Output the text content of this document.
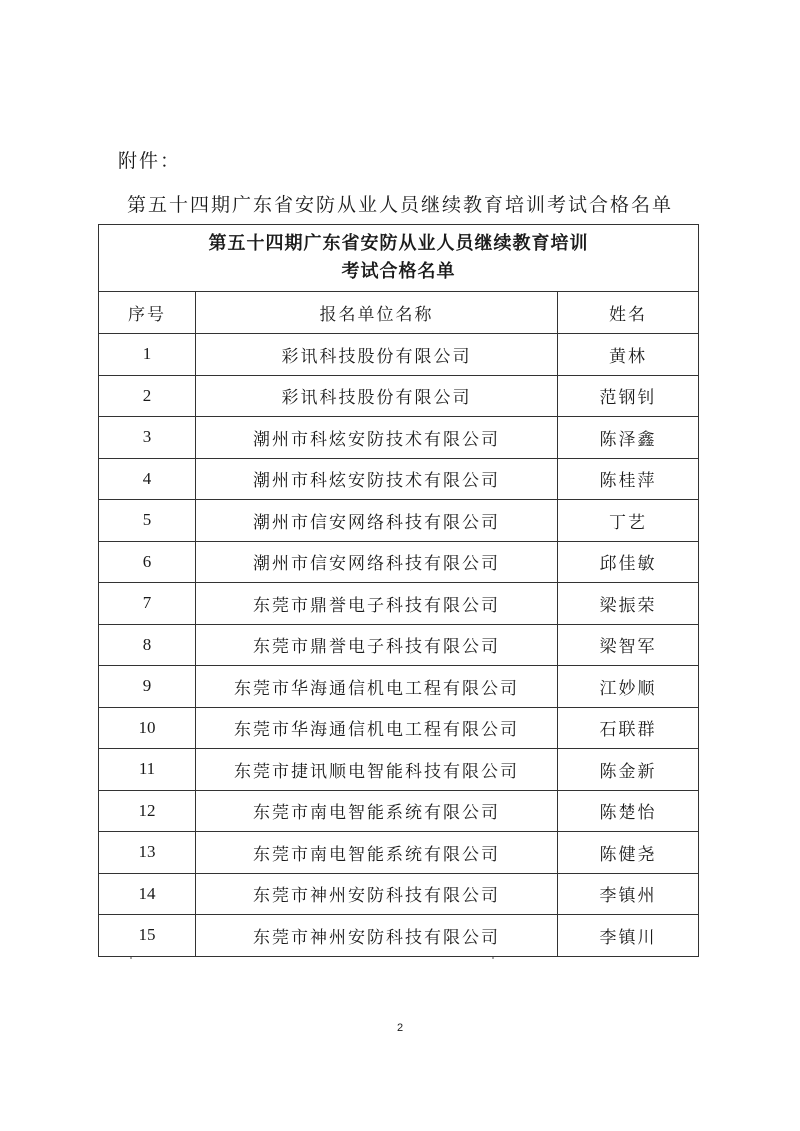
附件：
第五十四期广东省安防从业人员继续教育培训考试合格名单
第五十四期广东省安防从业人员继续教育培训
考试合格名单		

序号	报名单位名称	姓名
1	彩讯科技股份有限公司	黄林
2	彩讯科技股份有限公司	范钢钊
3	潮州市科炫安防技术有限公司	陈泽鑫
4	潮州市科炫安防技术有限公司	陈桂萍
5	潮州市信安网络科技有限公司	丁艺
6	潮州市信安网络科技有限公司	邱佳敏
7	东莞市鼎誉电子科技有限公司	梁振荣
8	东莞市鼎誉电子科技有限公司	梁智军
9	东莞市华海通信机电工程有限公司	江妙顺
10	东莞市华海通信机电工程有限公司	石联群
11	东莞市捷讯顺电智能科技有限公司	陈金新
12	东莞市南电智能系统有限公司	陈楚怡
13	东莞市南电智能系统有限公司	陈健尧
14	东莞市神州安防科技有限公司	李镇州
15	东莞市神州安防科技有限公司	李镇川
2
